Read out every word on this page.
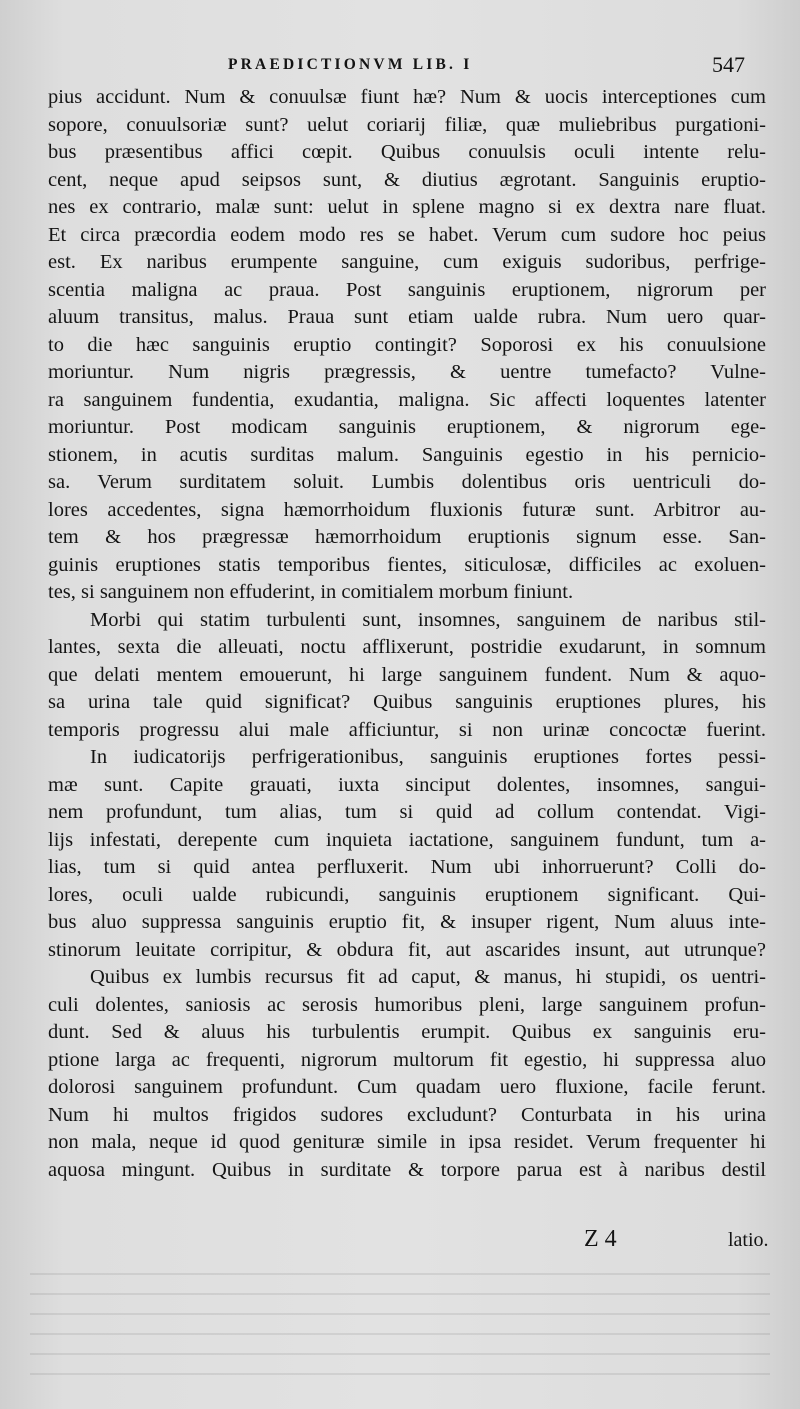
PRAEDICTIONVM LIB. I	547
pius accidunt. Num & conuulsæ fiunt hæ? Num & uocis interceptiones cum
sopore, conuulsoriæ sunt? uelut coriarij filiæ, quæ muliebribus purgationi-
bus præsentibus affici cœpit. Quibus conuulsis oculi intente relu-
cent, neque apud seipsos sunt, & diutius ægrotant. Sanguinis eruptio-
nes ex contrario, malæ sunt: uelut in splene magno si ex dextra nare fluat.
Et circa præcordia eodem modo res se habet. Verum cum sudore hoc peius
est. Ex naribus erumpente sanguine, cum exiguis sudoribus, perfrige-
scentia maligna ac praua. Post sanguinis eruptionem, nigrorum per
aluum transitus, malus. Praua sunt etiam ualde rubra. Num uero quar-
to die hæc sanguinis eruptio contingit? Soporosi ex his conuulsione
moriuntur. Num nigris prægressis, & uentre tumefacto? Vulne-
ra sanguinem fundentia, exudantia, maligna. Sic affecti loquentes latenter
moriuntur. Post modicam sanguinis eruptionem, & nigrorum ege-
stionem, in acutis surditas malum. Sanguinis egestio in his pernicio-
sa. Verum surditatem soluit. Lumbis dolentibus oris uentriculi do-
lores accedentes, signa hæmorrhoidum fluxionis futuræ sunt. Arbitror au-
tem & hos prægressæ hæmorrhoidum eruptionis signum esse. San-
guinis eruptiones statis temporibus fientes, siticulosæ, difficiles ac exoluen-
tes, si sanguinem non effuderint, in comitialem morbum finiunt.
Morbi qui statim turbulenti sunt, insomnes, sanguinem de naribus stil-
lantes, sexta die alleuati, noctu afflixerunt, postridie exudarunt, in somnum
que delati mentem emouerunt, hi large sanguinem fundent. Num & aquo-
sa urina tale quid significat? Quibus sanguinis eruptiones plures, his
temporis progressu alui male afficiuntur, si non urinæ concoctæ fuerint.
In iudicatorijs perfrigerationibus, sanguinis eruptiones fortes pessi-
mæ sunt. Capite grauati, iuxta sinciput dolentes, insomnes, sangui-
nem profundunt, tum alias, tum si quid ad collum contendat. Vigi-
lijs infestati, derepente cum inquieta iactatione, sanguinem fundunt, tum a-
lias, tum si quid antea perfluxerit. Num ubi inhorruerunt? Colli do-
lores, oculi ualde rubicundi, sanguinis eruptionem significant. Qui-
bus aluo suppressa sanguinis eruptio fit, & insuper rigent, Num aluus inte-
stinorum leuitate corripitur, & obdura fit, aut ascarides insunt, aut utrunque?
Quibus ex lumbis recursus fit ad caput, & manus, hi stupidi, os uentri-
culi dolentes, saniosis ac serosis humoribus pleni, large sanguinem profun-
dunt. Sed & aluus his turbulentis erumpit. Quibus ex sanguinis eru-
ptione larga ac frequenti, nigrorum multorum fit egestio, hi suppressa aluo
dolorosi sanguinem profundunt. Cum quadam uero fluxione, facile ferunt.
Num hi multos frigidos sudores excludunt? Conturbata in his urina
non mala, neque id quod genituræ simile in ipsa residet. Verum frequenter hi
aquosa mingunt. Quibus in surditate & torpore parua est à naribus destil
Z 4	latio.
